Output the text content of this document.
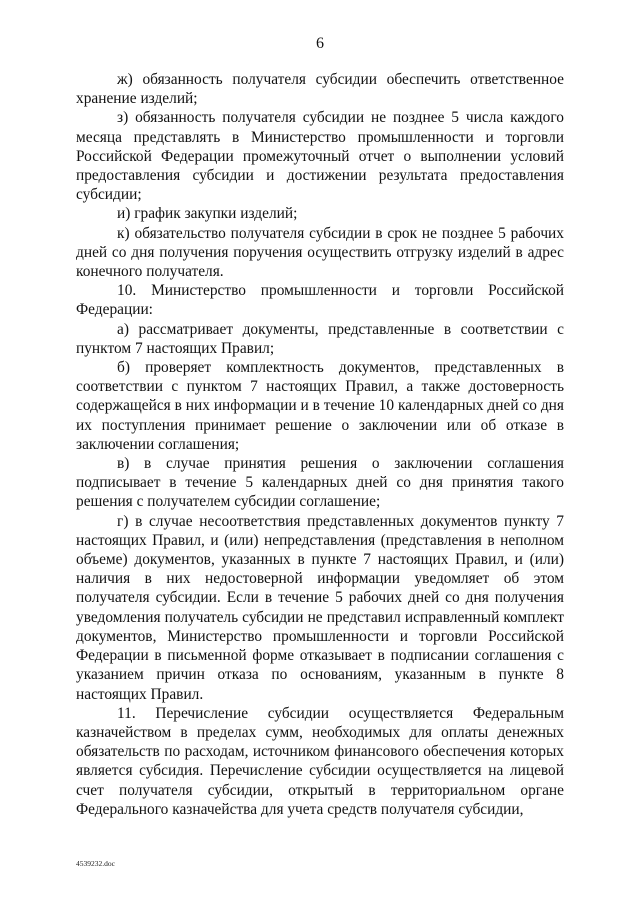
6

ж) обязанность получателя субсидии обеспечить ответственное хранение изделий;

з) обязанность получателя субсидии не позднее 5 числа каждого месяца представлять в Министерство промышленности и торговли Российской Федерации промежуточный отчет о выполнении условий предоставления субсидии и достижении результата предоставления субсидии;

и) график закупки изделий;

к) обязательство получателя субсидии в срок не позднее 5 рабочих дней со дня получения поручения осуществить отгрузку изделий в адрес конечного получателя.

10. Министерство промышленности и торговли Российской Федерации:

а) рассматривает документы, представленные в соответствии с пунктом 7 настоящих Правил;

б) проверяет комплектность документов, представленных в соответствии с пунктом 7 настоящих Правил, а также достоверность содержащейся в них информации и в течение 10 календарных дней со дня их поступления принимает решение о заключении или об отказе в заключении соглашения;

в) в случае принятия решения о заключении соглашения подписывает в течение 5 календарных дней со дня принятия такого решения с получателем субсидии соглашение;

г) в случае несоответствия представленных документов пункту 7 настоящих Правил, и (или) непредставления (представления в неполном объеме) документов, указанных в пункте 7 настоящих Правил, и (или) наличия в них недостоверной информации уведомляет об этом получателя субсидии. Если в течение 5 рабочих дней со дня получения уведомления получатель субсидии не представил исправленный комплект документов, Министерство промышленности и торговли Российской Федерации в письменной форме отказывает в подписании соглашения с указанием причин отказа по основаниям, указанным в пункте 8 настоящих Правил.

11. Перечисление субсидии осуществляется Федеральным казначейством в пределах сумм, необходимых для оплаты денежных обязательств по расходам, источником финансового обеспечения которых является субсидия. Перечисление субсидии осуществляется на лицевой счет получателя субсидии, открытый в территориальном органе Федерального казначейства для учета средств получателя субсидии,

4539232.doc
